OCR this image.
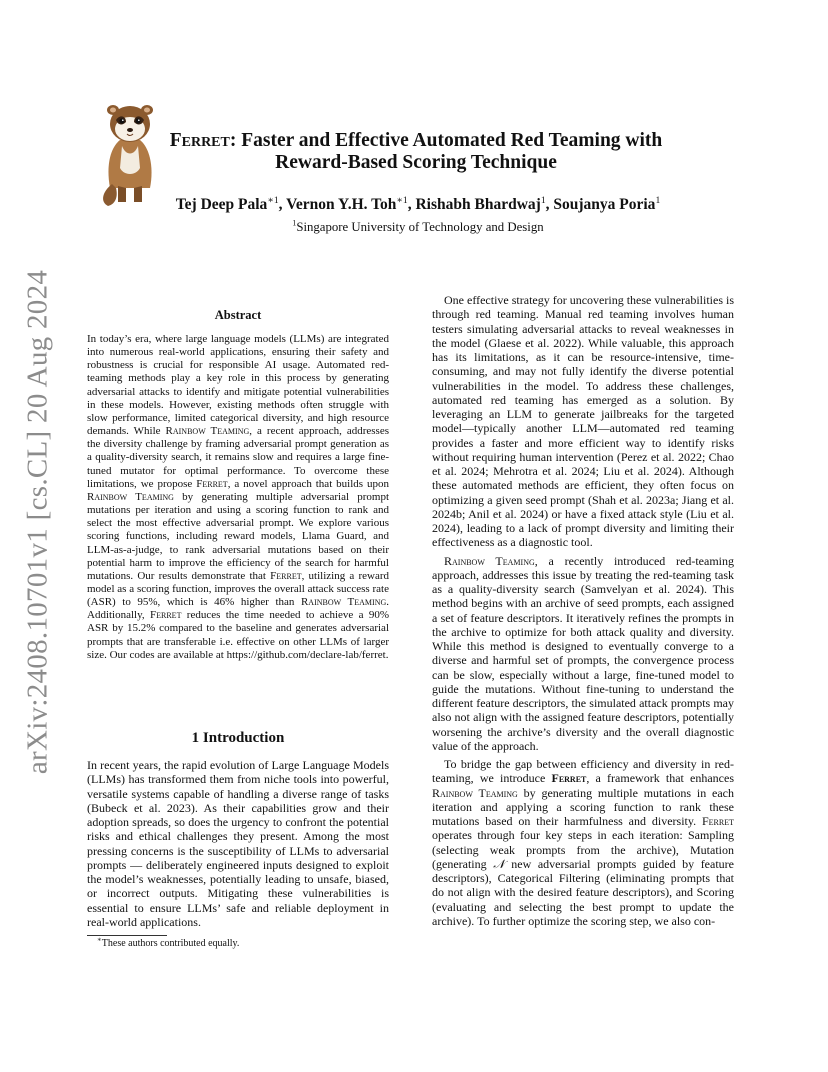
arXiv:2408.10701v1 [cs.CL] 20 Aug 2024
Ferret: Faster and Effective Automated Red Teaming with
Reward-Based Scoring Technique
Tej Deep Pala$^{∗1}$, Vernon Y.H. Toh$^{∗1}$, Rishabh Bhardwaj$^1$, Soujanya Poria$^1$
$^1$Singapore University of Technology and Design
Abstract
In today’s era, where large language models (LLMs) are integrated into numerous real-world applications, ensuring their safety and robustness is crucial for responsible AI usage. Automated red-teaming methods play a key role in this process by generating adversarial attacks to identify and mitigate potential vulnerabilities in these models. However, existing methods often struggle with slow performance, limited categorical diversity, and high resource demands. While Rainbow Teaming, a recent approach, addresses the diversity challenge by framing adversarial prompt generation as a quality-diversity search, it remains slow and requires a large fine-tuned mutator for optimal performance. To overcome these limitations, we propose Ferret, a novel approach that builds upon Rainbow Teaming by generating multiple adversarial prompt mutations per iteration and using a scoring function to rank and select the most effective adversarial prompt. We explore various scoring functions, including reward models, Llama Guard, and LLM-as-a-judge, to rank adversarial mutations based on their potential harm to improve the efficiency of the search for harmful mutations. Our results demonstrate that Ferret, utilizing a reward model as a scoring function, improves the overall attack success rate (ASR) to 95%, which is 46% higher than Rainbow Teaming. Additionally, Ferret reduces the time needed to achieve a 90% ASR by 15.2% compared to the baseline and generates adversarial prompts that are transferable i.e. effective on other LLMs of larger size. Our codes are available at https://github.com/declare-lab/ferret.
1 Introduction

In recent years, the rapid evolution of Large Language Models (LLMs) has transformed them from niche tools into powerful, versatile systems capable of handling a diverse range of tasks (Bubeck et al. 2023). As their capabilities grow and their adoption spreads, so does the urgency to confront the potential risks and ethical challenges they present. Among the most pressing concerns is the susceptibility of LLMs to adversarial prompts — deliberately engineered inputs designed to exploit the model’s weaknesses, potentially leading to unsafe, biased, or incorrect outputs. Mitigating these vulnerabilities is essential to ensure LLMs’ safe and reliable deployment in real-world applications.

∗These authors contributed equally.

One effective strategy for uncovering these vulnerabilities is through red teaming. Manual red teaming involves human testers simulating adversarial attacks to reveal weaknesses in the model (Glaese et al. 2022). While valuable, this approach has its limitations, as it can be resource-intensive, time-consuming, and may not fully identify the diverse potential vulnerabilities in the model. To address these challenges, automated red teaming has emerged as a solution. By leveraging an LLM to generate jailbreaks for the targeted model—typically another LLM—automated red teaming provides a faster and more efficient way to identify risks without requiring human intervention (Perez et al. 2022; Chao et al. 2024; Mehrotra et al. 2024; Liu et al. 2024). Although these automated methods are efficient, they often focus on optimizing a given seed prompt (Shah et al. 2023a; Jiang et al. 2024b; Anil et al. 2024) or have a fixed attack style (Liu et al. 2024), leading to a lack of prompt diversity and limiting their effectiveness as a diagnostic tool.

Rainbow Teaming, a recently introduced red-teaming approach, addresses this issue by treating the red-teaming task as a quality-diversity search (Samvelyan et al. 2024). This method begins with an archive of seed prompts, each assigned a set of feature descriptors. It iteratively refines the prompts in the archive to optimize for both attack quality and diversity. While this method is designed to eventually converge to a diverse and harmful set of prompts, the convergence process can be slow, especially without a large, fine-tuned model to guide the mutations. Without fine-tuning to understand the different feature descriptors, the simulated attack prompts may also not align with the assigned feature descriptors, potentially worsening the archive’s diversity and the overall diagnostic value of the approach.

To bridge the gap between efficiency and diversity in red-teaming, we introduce Ferret, a framework that enhances Rainbow Teaming by generating multiple mutations in each iteration and applying a scoring function to rank these mutations based on their harmfulness and diversity. Ferret operates through four key steps in each iteration: Sampling (selecting weak prompts from the archive), Mutation (generating 𝒩 new adversarial prompts guided by feature descriptors), Categorical Filtering (eliminating prompts that do not align with the desired feature descriptors), and Scoring (evaluating and selecting the best prompt to update the archive). To further optimize the scoring step, we also con-
